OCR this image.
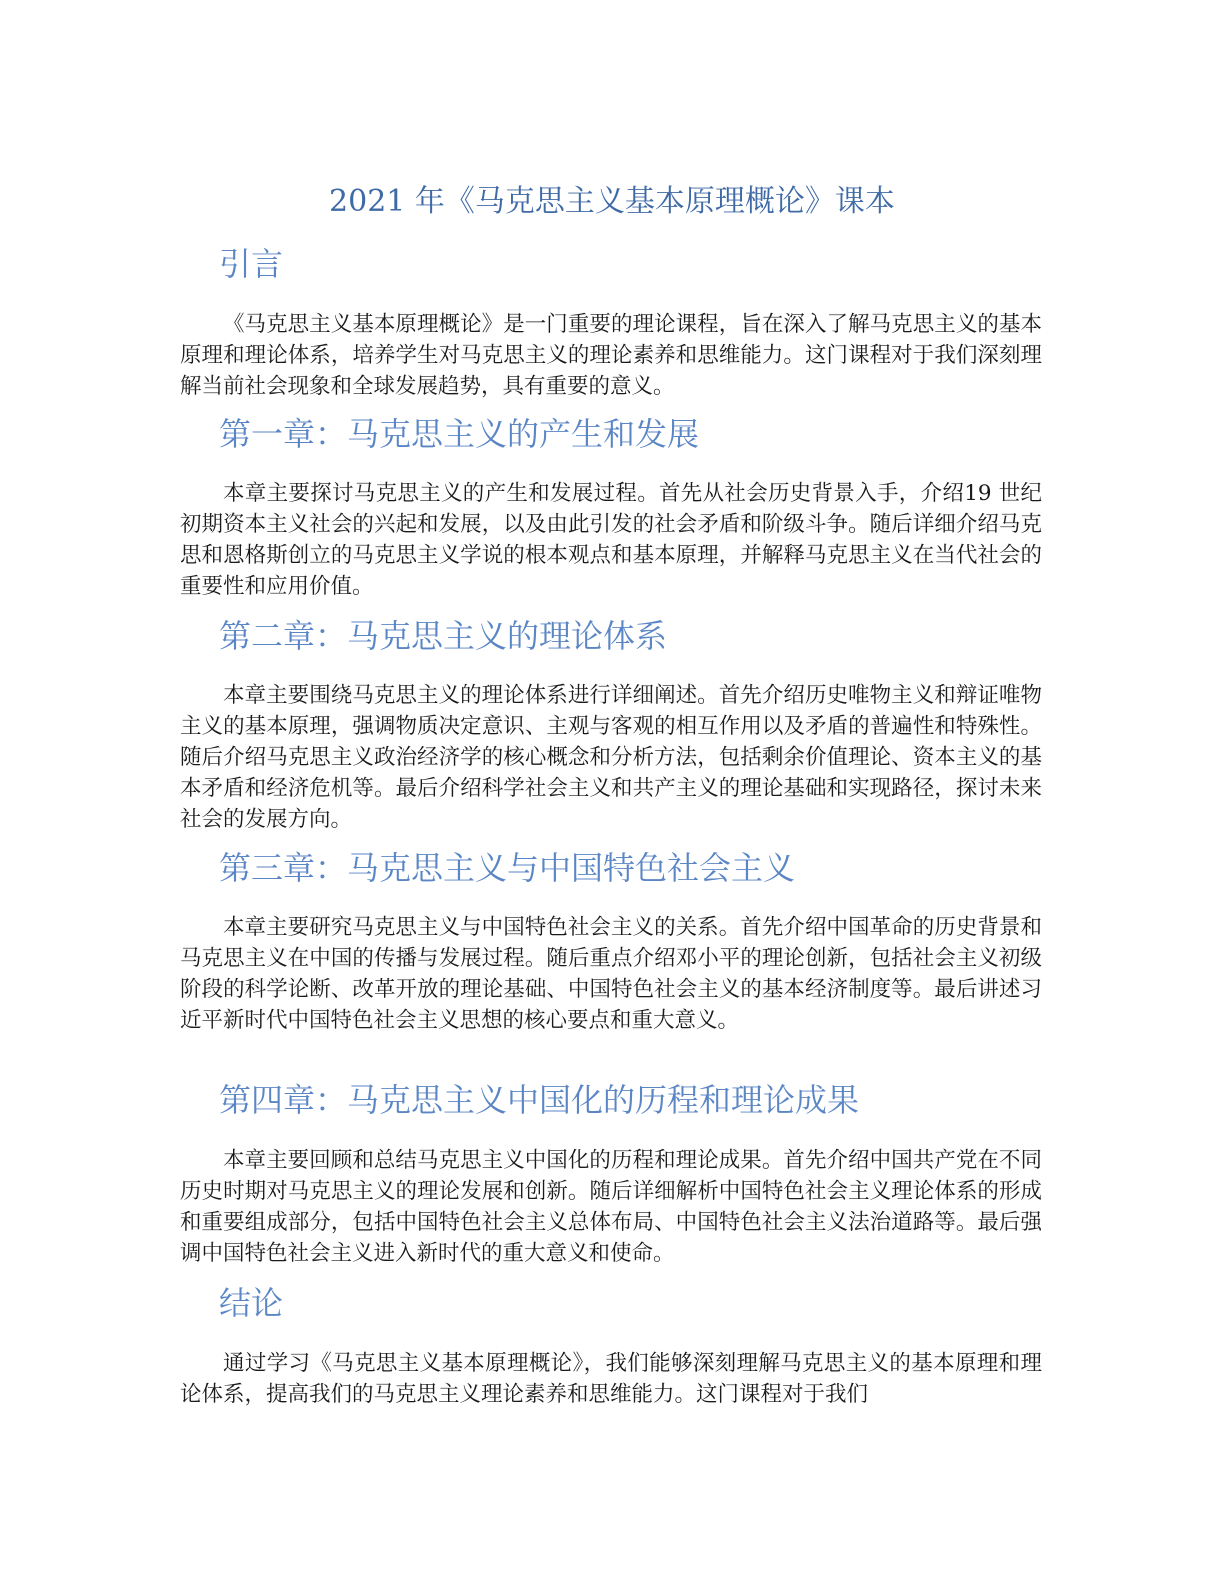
2021 年《马克思主义基本原理概论》课本
引言

《马克思主义基本原理概论》是一门重要的理论课程，旨在深入了解马克思主义的基本原理和理论体系，培养学生对马克思主义的理论素养和思维能力。这门课程对于我们深刻理解当前社会现象和全球发展趋势，具有重要的意义。

第一章：马克思主义的产生和发展

本章主要探讨马克思主义的产生和发展过程。首先从社会历史背景入手，介绍19 世纪初期资本主义社会的兴起和发展，以及由此引发的社会矛盾和阶级斗争。随后详细介绍马克思和恩格斯创立的马克思主义学说的根本观点和基本原理，并解释马克思主义在当代社会的重要性和应用价值。

第二章：马克思主义的理论体系

本章主要围绕马克思主义的理论体系进行详细阐述。首先介绍历史唯物主义和辩证唯物主义的基本原理，强调物质决定意识、主观与客观的相互作用以及矛盾的普遍性和特殊性。随后介绍马克思主义政治经济学的核心概念和分析方法，包括剩余价值理论、资本主义的基本矛盾和经济危机等。最后介绍科学社会主义和共产主义的理论基础和实现路径，探讨未来社会的发展方向。

第三章：马克思主义与中国特色社会主义

本章主要研究马克思主义与中国特色社会主义的关系。首先介绍中国革命的历史背景和马克思主义在中国的传播与发展过程。随后重点介绍邓小平的理论创新，包括社会主义初级阶段的科学论断、改革开放的理论基础、中国特色社会主义的基本经济制度等。最后讲述习近平新时代中国特色社会主义思想的核心要点和重大意义。

第四章：马克思主义中国化的历程和理论成果

本章主要回顾和总结马克思主义中国化的历程和理论成果。首先介绍中国共产党在不同历史时期对马克思主义的理论发展和创新。随后详细解析中国特色社会主义理论体系的形成和重要组成部分，包括中国特色社会主义总体布局、中国特色社会主义法治道路等。最后强调中国特色社会主义进入新时代的重大意义和使命。

结论

通过学习《马克思主义基本原理概论》，我们能够深刻理解马克思主义的基本原理和理论体系，提高我们的马克思主义理论素养和思维能力。这门课程对于我们
